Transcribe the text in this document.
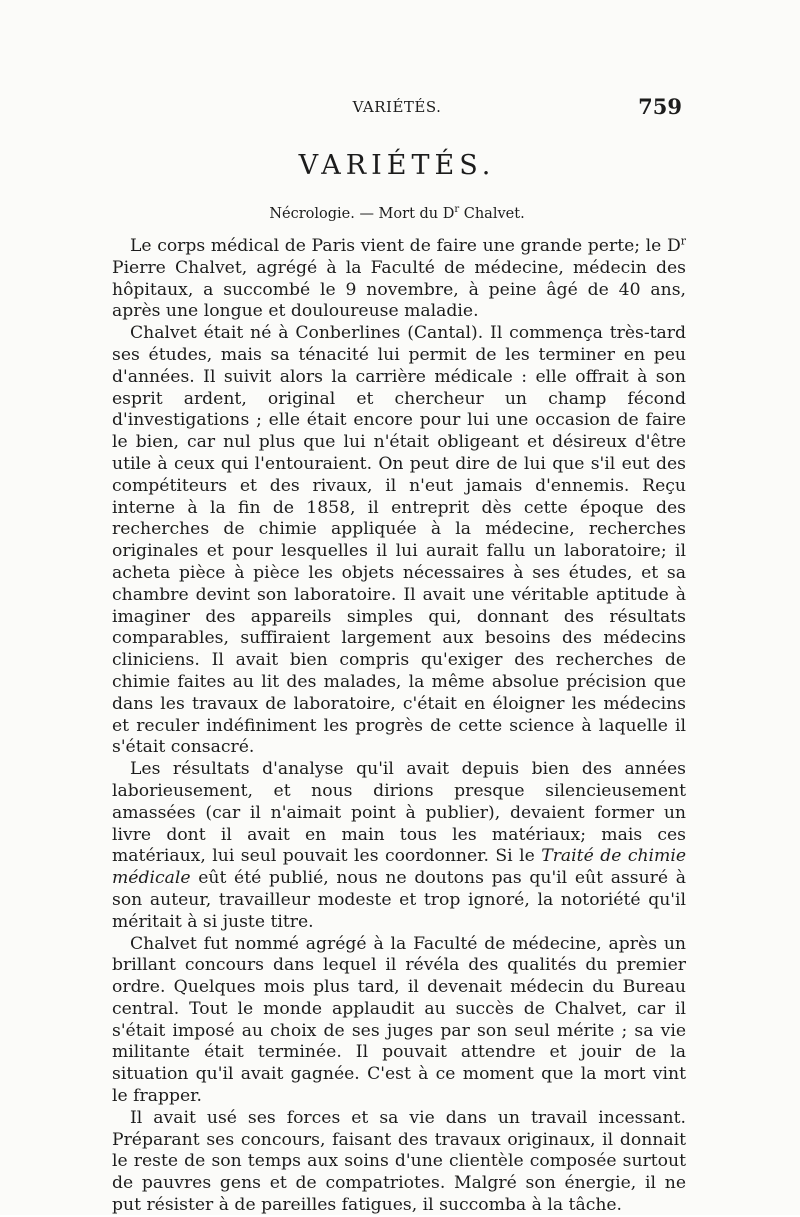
VARIÉTÉS.	759
VARIÉTÉS.
Nécrologie. — Mort du $D^r$ Chalvet.

Le corps médical de Paris vient de faire une grande perte; le $D^r$ Pierre Chalvet, agrégé à la Faculté de médecine, médecin des hôpitaux, a succombé le 9 novembre, à peine âgé de 40 ans, après une longue et douloureuse maladie.

Chalvet était né à Conberlines (Cantal). Il commença très-tard ses études, mais sa ténacité lui permit de les terminer en peu d'années. Il suivit alors la carrière médicale : elle offrait à son esprit ardent, original et chercheur un champ fécond d'investigations ; elle était encore pour lui une occasion de faire le bien, car nul plus que lui n'était obligeant et désireux d'être utile à ceux qui l'entouraient. On peut dire de lui que s'il eut des compétiteurs et des rivaux, il n'eut jamais d'ennemis. Reçu interne à la fin de 1858, il entreprit dès cette époque des recherches de chimie appliquée à la médecine, recherches originales et pour lesquelles il lui aurait fallu un laboratoire; il acheta pièce à pièce les objets nécessaires à ses études, et sa chambre devint son laboratoire. Il avait une véritable aptitude à imaginer des appareils simples qui, donnant des résultats comparables, suffiraient largement aux besoins des médecins cliniciens. Il avait bien compris qu'exiger des recherches de chimie faites au lit des malades, la même absolue précision que dans les travaux de laboratoire, c'était en éloigner les médecins et reculer indéfiniment les progrès de cette science à laquelle il s'était consacré.

Les résultats d'analyse qu'il avait depuis bien des années laborieusement, et nous dirions presque silencieusement amassées (car il n'aimait point à publier), devaient former un livre dont il avait en main tous les matériaux; mais ces matériaux, lui seul pouvait les coordonner. Si le Traité de chimie médicale eût été publié, nous ne doutons pas qu'il eût assuré à son auteur, travailleur modeste et trop ignoré, la notoriété qu'il méritait à si juste titre.

Chalvet fut nommé agrégé à la Faculté de médecine, après un brillant concours dans lequel il révéla des qualités du premier ordre. Quelques mois plus tard, il devenait médecin du Bureau central. Tout le monde applaudit au succès de Chalvet, car il s'était imposé au choix de ses juges par son seul mérite ; sa vie militante était terminée. Il pouvait attendre et jouir de la situation qu'il avait gagnée. C'est à ce moment que la mort vint le frapper.

Il avait usé ses forces et sa vie dans un travail incessant. Préparant ses concours, faisant des travaux originaux, il donnait le reste de son temps aux soins d'une clientèle composée surtout de pauvres gens et de compatriotes. Malgré son énergie, il ne put résister à de pareilles fatigues, il succomba à la tâche.
